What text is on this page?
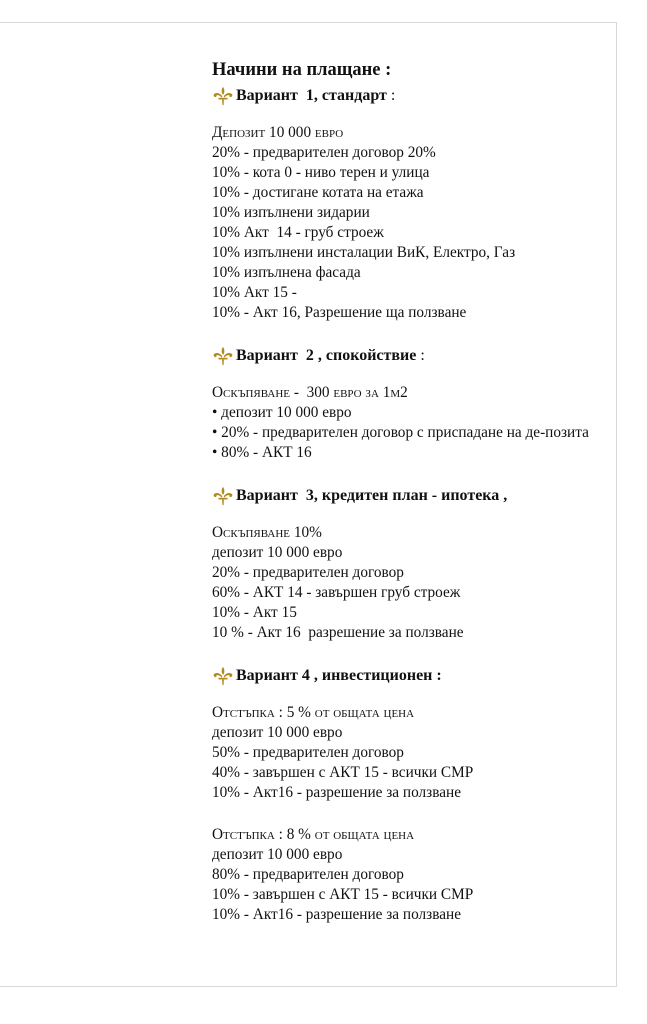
Начини на плащане :
Вариант  1, стандарт :
Депозит 10 000 евро
20% - предварителен договор 20%
10% - кота 0 - ниво терен и улица
10% - достигане котата на етажа
10% изпълнени зидарии
10% Акт  14 - груб строеж
10% изпълнени инсталации ВиК, Електро, Газ
10% изпълнена фасада
10% Акт 15 -
10% - Акт 16, Разрешение ща ползване
Вариант  2 , спокойствие :
Оскъпяване -  300 евро за 1м2
• депозит 10 000 евро
• 20% - предварителен договор с приспадане на де-позита
• 80% - АКТ 16
Вариант  3, кредитен план - ипотека ,
Оскъпяване 10%
депозит 10 000 евро
20% - предварителен договор
60% - АКТ 14 - завършен груб строеж
10% - Акт 15
10 % - Акт 16  разрешение за ползване
Вариант 4 , инвестиционен :
Отстъпка : 5 % от общата цена
депозит 10 000 евро
50% - предварителен договор
40% - завършен с АКТ 15 - всички СМР
10% - Акт16 - разрешение за ползване
Отстъпка : 8 % от общата цена
депозит 10 000 евро
80% - предварителен договор
10% - завършен с АКТ 15 - всички СМР
10% - Акт16 - разрешение за ползване
